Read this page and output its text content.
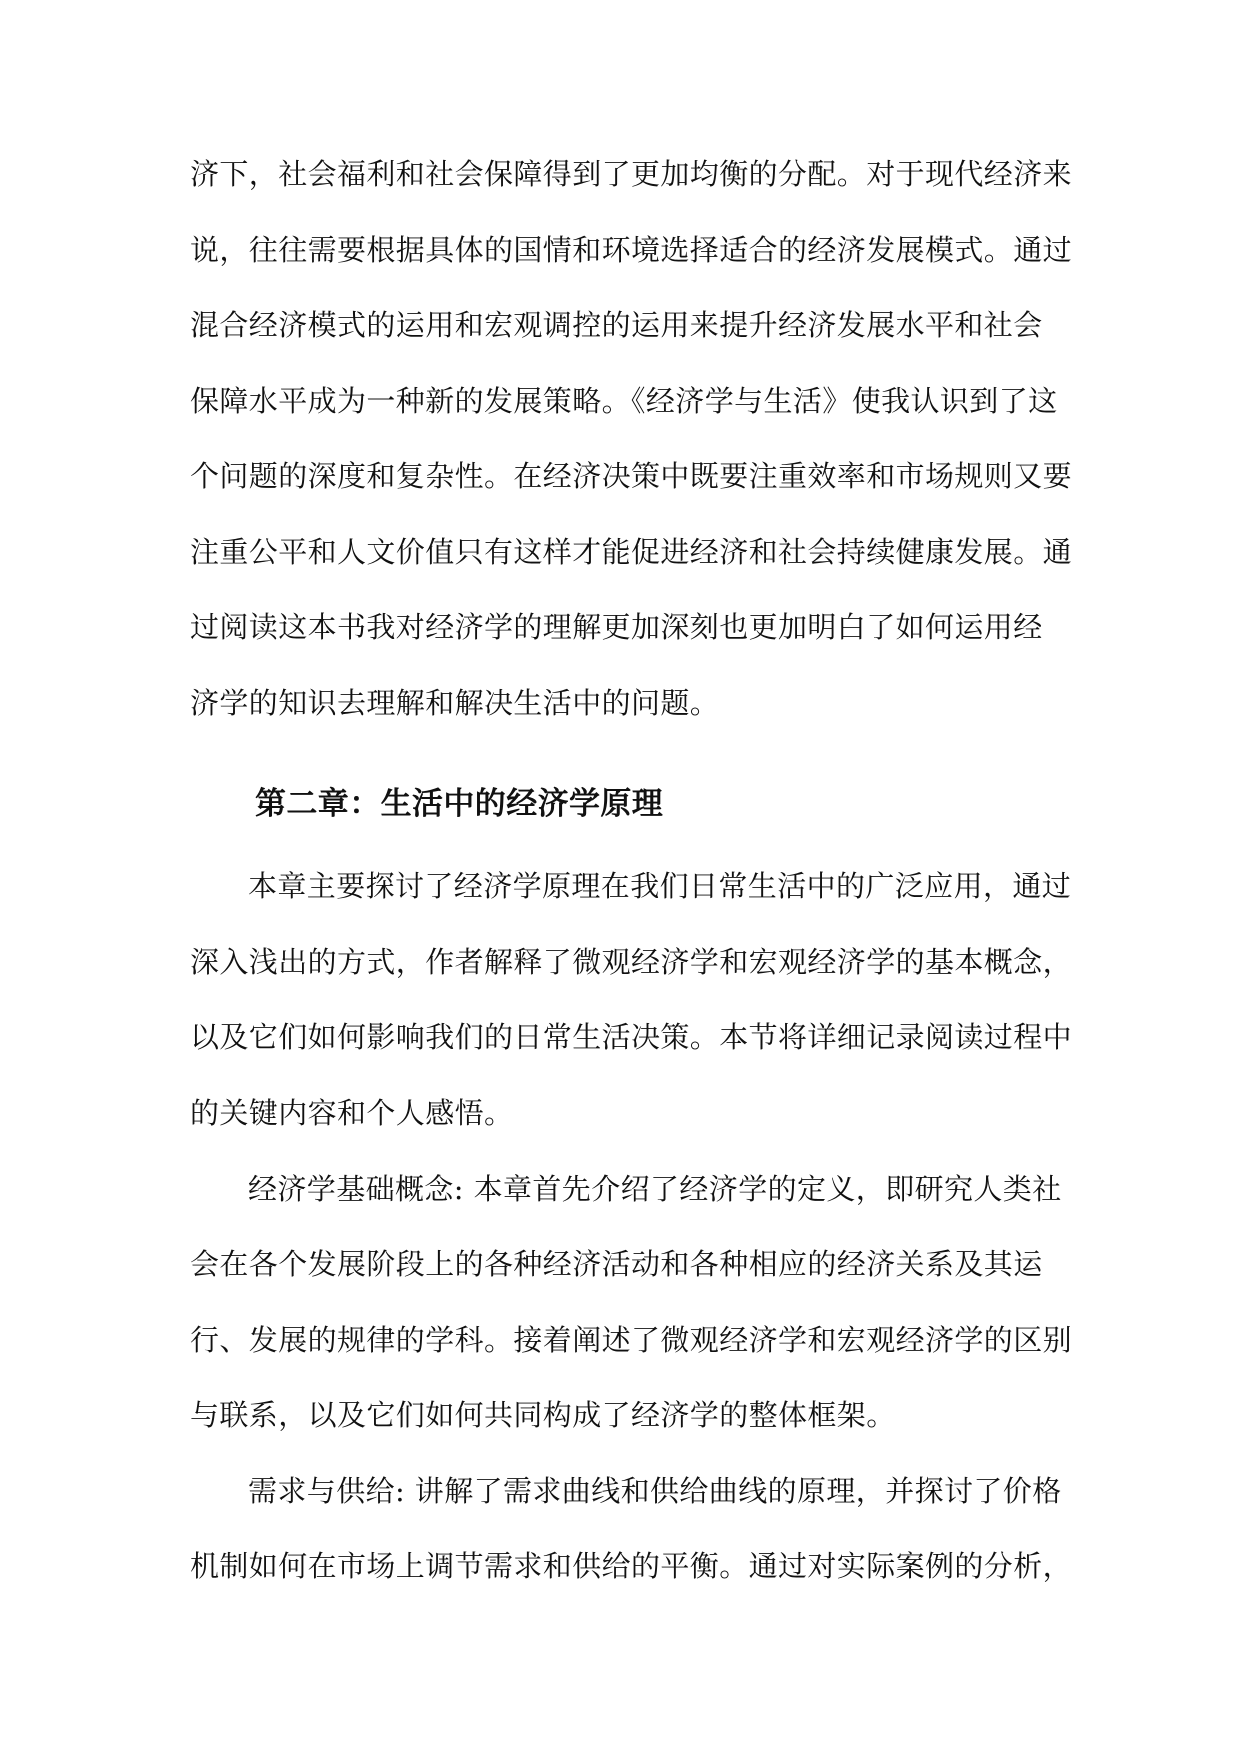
济下，社会福利和社会保障得到了更加均衡的分配。对于现代经济来
说，往往需要根据具体的国情和环境选择适合的经济发展模式。通过
混合经济模式的运用和宏观调控的运用来提升经济发展水平和社会
保障水平成为一种新的发展策略。《经济学与生活》使我认识到了这
个问题的深度和复杂性。在经济决策中既要注重效率和市场规则又要
注重公平和人文价值只有这样才能促进经济和社会持续健康发展。通
过阅读这本书我对经济学的理解更加深刻也更加明白了如何运用经
济学的知识去理解和解决生活中的问题。
第二章：生活中的经济学原理
本章主要探讨了经济学原理在我们日常生活中的广泛应用，通过
深入浅出的方式，作者解释了微观经济学和宏观经济学的基本概念，
以及它们如何影响我们的日常生活决策。本节将详细记录阅读过程中
的关键内容和个人感悟。
经济学基础概念: 本章首先介绍了经济学的定义，即研究人类社
会在各个发展阶段上的各种经济活动和各种相应的经济关系及其运
行、发展的规律的学科。接着阐述了微观经济学和宏观经济学的区别
与联系，以及它们如何共同构成了经济学的整体框架。
需求与供给: 讲解了需求曲线和供给曲线的原理，并探讨了价格
机制如何在市场上调节需求和供给的平衡。通过对实际案例的分析，
